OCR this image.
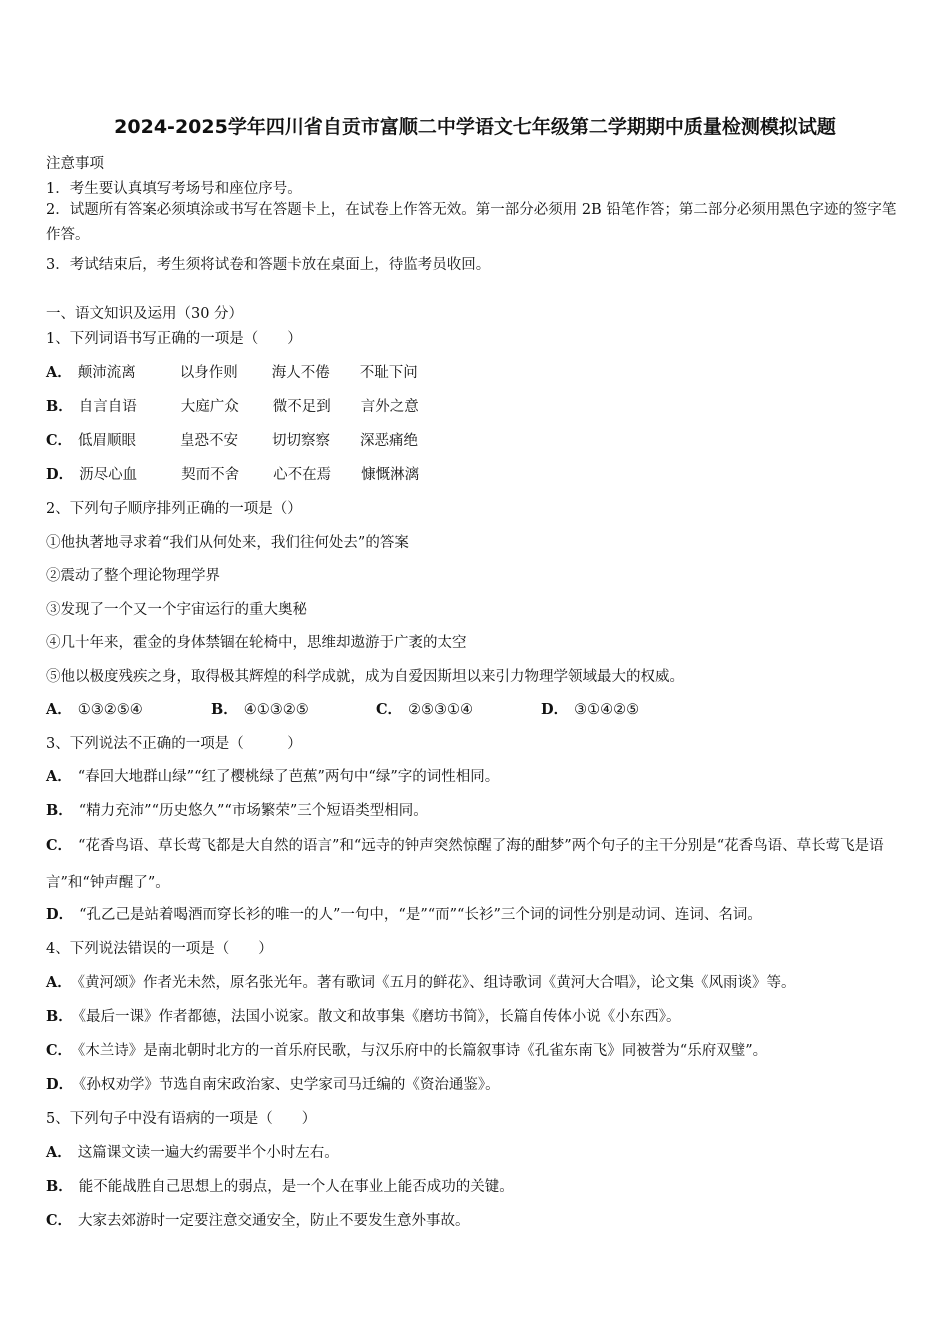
2024-2025学年四川省自贡市富顺二中学语文七年级第二学期期中质量检测模拟试题
注意事项
1．考生要认真填写考场号和座位序号。
2．试题所有答案必须填涂或书写在答题卡上，在试卷上作答无效。第一部分必须用 2B 铅笔作答；第二部分必须用黑色字迹的签字笔作答。
3．考试结束后，考生须将试卷和答题卡放在桌面上，待监考员收回。
一、语文知识及运用（30 分）
1、下列词语书写正确的一项是（　　）
A． 颠沛流离	以身作则 海人不倦 不耻下问
B． 自言自语	大庭广众 微不足到 言外之意
C． 低眉顺眼	皇恐不安 切切察察 深恶痛绝
D． 沥尽心血	契而不舍 心不在焉 慷慨淋漓
2、下列句子顺序排列正确的一项是（）
①他执著地寻求着“我们从何处来，我们往何处去”的答案
②震动了整个理论物理学界
③发现了一个又一个宇宙运行的重大奥秘
④几十年来，霍金的身体禁锢在轮椅中，思维却遨游于广袤的太空
⑤他以极度残疾之身，取得极其辉煌的科学成就，成为自爱因斯坦以来引力物理学领域最大的权威。
A． ①③②⑤④	B． ④①③②⑤	C． ②⑤③①④	D． ③①④②⑤
3、下列说法不正确的一项是（　　　）
A． “春回大地群山绿”“红了樱桃绿了芭蕉”两句中“绿”字的词性相同。
B． “精力充沛”“历史悠久”“市场繁荣”三个短语类型相同。
C． “花香鸟语、草长莺飞都是大自然的语言”和“远寺的钟声突然惊醒了海的酣梦”两个句子的主干分别是“花香鸟语、草长莺飞是语言”和“钟声醒了”。
D． “孔乙己是站着喝酒而穿长衫的唯一的人”一句中，“是”“而”“长衫”三个词的词性分别是动词、连词、名词。
4、下列说法错误的一项是（　　）
A． 《黄河颂》作者光未然，原名张光年。著有歌词《五月的鲜花》、组诗歌词《黄河大合唱》，论文集《风雨谈》等。
B． 《最后一课》作者都德，法国小说家。散文和故事集《磨坊书简》，长篇自传体小说《小东西》。
C． 《木兰诗》是南北朝时北方的一首乐府民歌，与汉乐府中的长篇叙事诗《孔雀东南飞》同被誉为“乐府双璧”。
D． 《孙权劝学》节选自南宋政治家、史学家司马迁编的《资治通鉴》。
5、下列句子中没有语病的一项是（　　）
A． 这篇课文读一遍大约需要半个小时左右。
B． 能不能战胜自己思想上的弱点，是一个人在事业上能否成功的关键。
C． 大家去郊游时一定要注意交通安全，防止不要发生意外事故。
